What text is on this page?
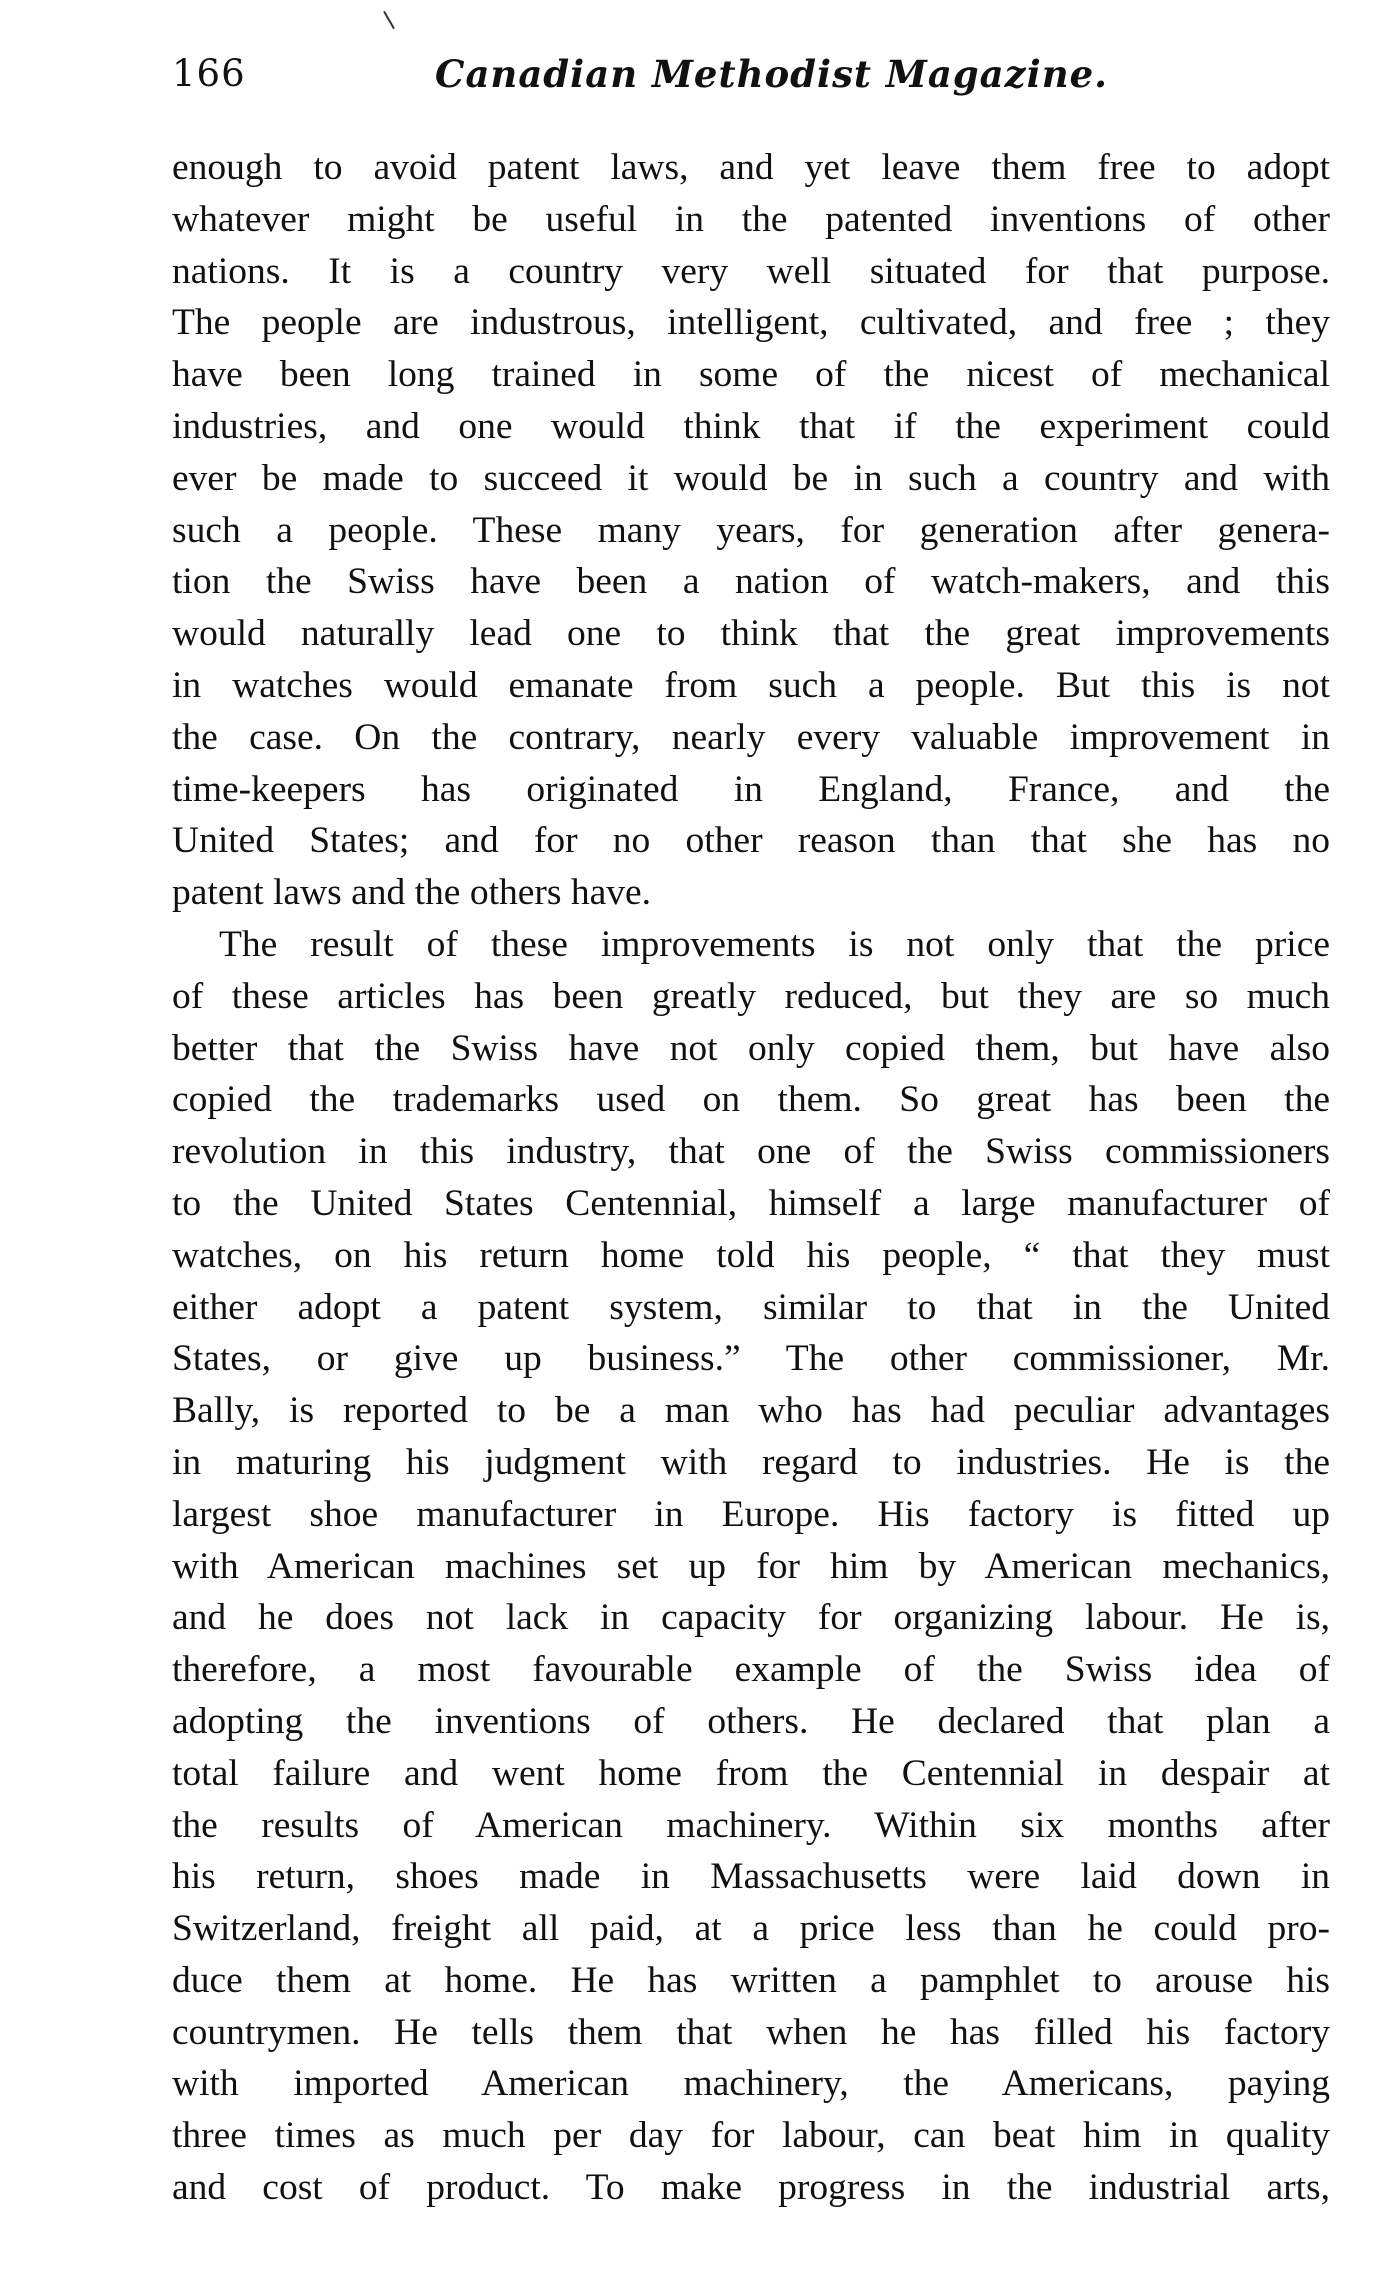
166	Canadian Methodist Magazine.
enough to avoid patent laws, and yet leave them free to adopt
whatever might be useful in the patented inventions of other
nations. It is a country very well situated for that purpose.
The people are industrous, intelligent, cultivated, and free ; they
have been long trained in some of the nicest of mechanical
industries, and one would think that if the experiment could
ever be made to succeed it would be in such a country and with
such a people. These many years, for generation after genera-
tion the Swiss have been a nation of watch-makers, and this
would naturally lead one to think that the great improvements
in watches would emanate from such a people. But this is not
the case. On the contrary, nearly every valuable improvement in
time-keepers has originated in England, France, and the
United States; and for no other reason than that she has no
patent laws and the others have.
The result of these improvements is not only that the price
of these articles has been greatly reduced, but they are so much
better that the Swiss have not only copied them, but have also
copied the trademarks used on them. So great has been the
revolution in this industry, that one of the Swiss commissioners
to the United States Centennial, himself a large manufacturer of
watches, on his return home told his people, “ that they must
either adopt a patent system, similar to that in the United
States, or give up business.” The other commissioner, Mr.
Bally, is reported to be a man who has had peculiar advantages
in maturing his judgment with regard to industries. He is the
largest shoe manufacturer in Europe. His factory is fitted up
with American machines set up for him by American mechanics,
and he does not lack in capacity for organizing labour. He is,
therefore, a most favourable example of the Swiss idea of
adopting the inventions of others. He declared that plan a
total failure and went home from the Centennial in despair at
the results of American machinery. Within six months after
his return, shoes made in Massachusetts were laid down in
Switzerland, freight all paid, at a price less than he could pro-
duce them at home. He has written a pamphlet to arouse his
countrymen. He tells them that when he has filled his factory
with imported American machinery, the Americans, paying
three times as much per day for labour, can beat him in quality
and cost of product. To make progress in the industrial arts,
